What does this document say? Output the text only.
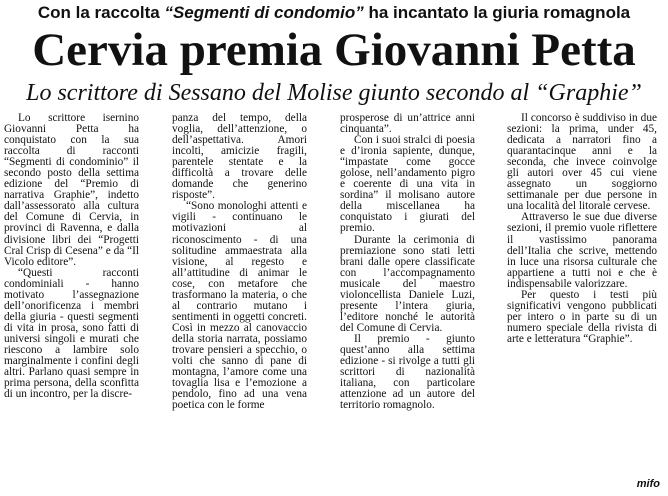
Con la raccolta “Segmenti di condomio” ha incantato la giuria romagnola
Cervia premia Giovanni Petta
Lo scrittore di Sessano del Molise giunto secondo al “Graphie”

Lo scrittore isernino Giovanni Petta ha conquistato con la sua raccolta di racconti “Segmenti di condominio” il secondo posto della settima edizione del “Premio di narrativa Graphie”, indetto dall’assessorato alla cultura del Comune di Cervia, in provinci di Ravenna, e dalla divisione libri dei “Progetti Cral Crisp di Cesena” e da “Il Vicolo editore”.

“Questi racconti condominiali - hanno motivato l’assegnazione dell’onorificenza i membri della giuria - questi segmenti di vita in prosa, sono fatti di universi singoli e murati che riescono a lambire solo marginalmente i confini degli altri. Parlano quasi sempre in prima persona, della sconfitta di un incontro, per la discre-

panza del tempo, della voglia, dell’attenzione, o dell’aspettativa. Amori incolti, amicizie fragili, parentele stentate e la difficoltà a trovare delle domande che generino risposte”.

“Sono monologhi attenti e vigili - continuano le motivazioni al riconoscimento - di una solitudine ammaestrata alla visione, al regesto e all’attitudine di animar le cose, con metafore che trasformano la materia, o che al contrario mutano i sentimenti in oggetti concreti. Così in mezzo al canovaccio della storia narrata, possiamo trovare pensieri a specchio, o volti che sanno di pane di montagna, l’amore come una tovaglia lisa e l’emozione a pendolo, fino ad una vena poetica con le forme

prosperose di un’attrice anni cinquanta”.

Con i suoi stralci di poesia e d’ironia sapiente, dunque, “impastate come gocce golose, nell’andamento pigro e coerente di una vita in sordina” il molisano autore della miscellanea ha conquistato i giurati del premio.

Durante la cerimonia di premiazione sono stati letti brani dalle opere classificate con l’accompagnamento musicale del maestro violoncellista Daniele Luzi, presente l’intera giuria, l’editore nonché le autorità del Comune di Cervia.

Il premio - giunto quest’anno alla settima edizione - si rivolge a tutti gli scrittori di nazionalità italiana, con particolare attenzione ad un autore del territorio romagnolo.

Il concorso è suddiviso in due sezioni: la prima, under 45, dedicata a narratori fino a quarantacinque anni e la seconda, che invece coinvolge gli autori over 45 cui viene assegnato un soggiorno settimanale per due persone in una località del litorale cervese.

Attraverso le sue due diverse sezioni, il premio vuole riflettere il vastissimo panorama dell’Italia che scrive, mettendo in luce una risorsa culturale che appartiene a tutti noi e che è indispensabile valorizzare.

Per questo i testi più significativi vengono pubblicati per intero o in parte su di un numero speciale della rivista di arte e letteratura “Graphie”.

mifo
